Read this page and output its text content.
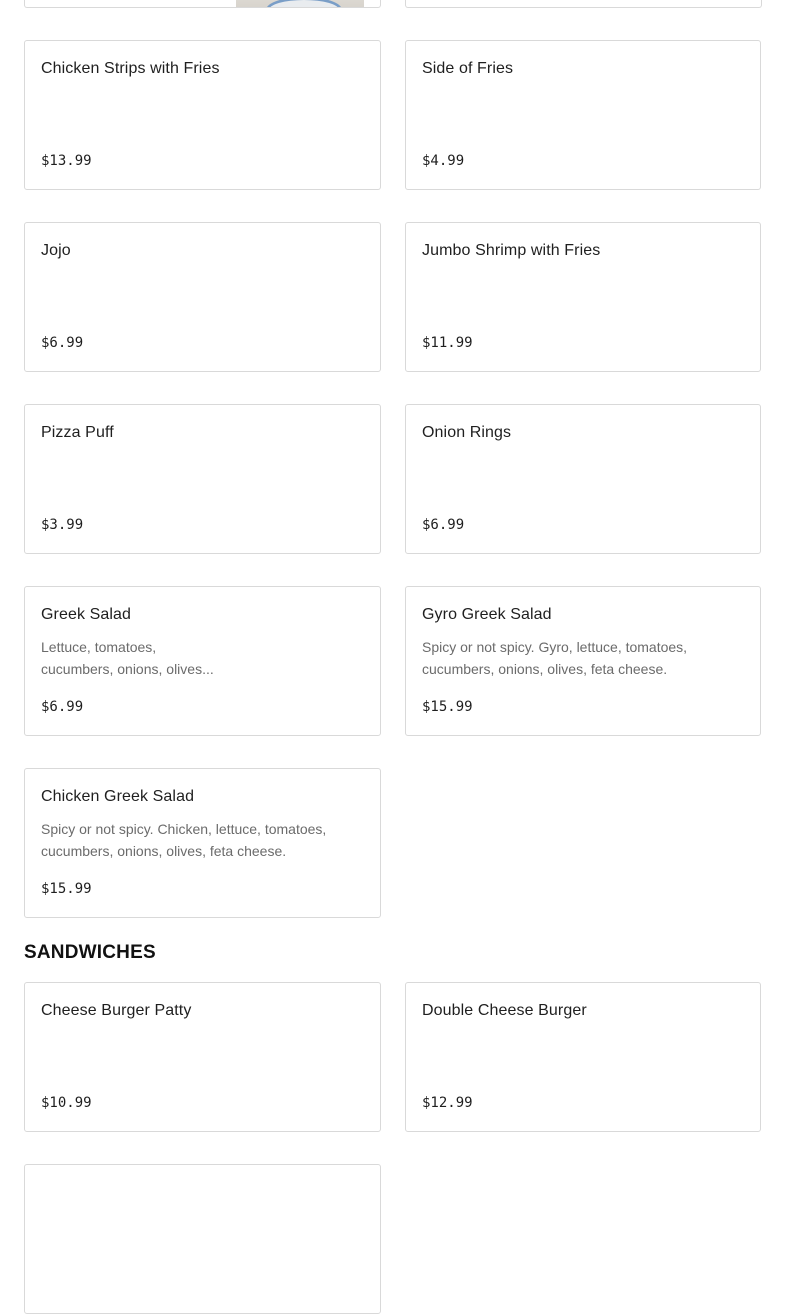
Chicken Strips with Fries
$13.99
Side of Fries
$4.99
Jojo
$6.99
Jumbo Shrimp with Fries
$11.99
Pizza Puff
$3.99
Onion Rings
$6.99
Greek Salad
Lettuce, tomatoes, cucumbers, onions, olives...
$6.99
Gyro Greek Salad
Spicy or not spicy. Gyro, lettuce, tomatoes, cucumbers, onions, olives, feta cheese.
$15.99
Chicken Greek Salad
Spicy or not spicy. Chicken, lettuce, tomatoes, cucumbers, onions, olives, feta cheese.
$15.99
SANDWICHES
Cheese Burger Patty
$10.99
Double Cheese Burger
$12.99
